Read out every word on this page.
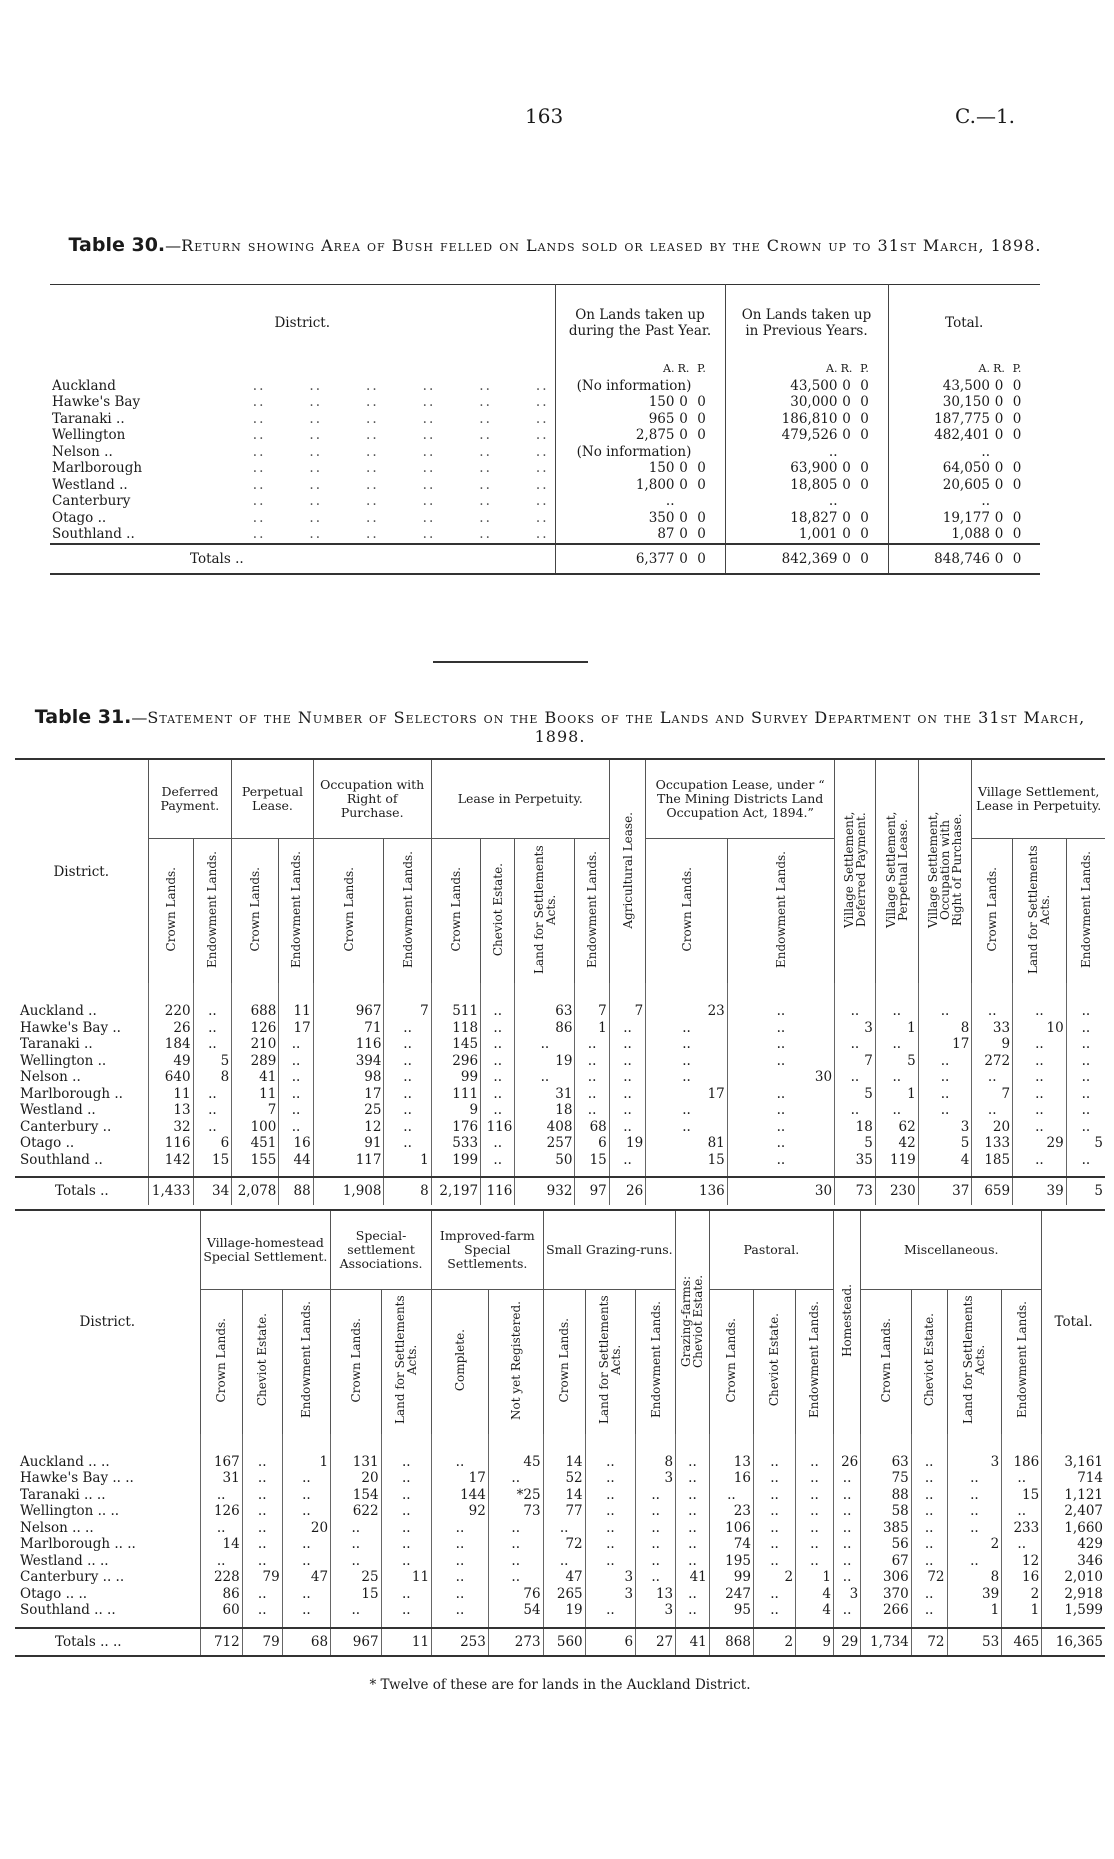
163	C.—1.
Table 30.—Return showing Area of Bush felled on Lands sold or leased by the Crown up to 31st March, 1898.
District.	On Lands taken up during the Past Year.	On Lands taken up in Previous Years.	Total.

	A. R. P.	A. R. P.	A. R. P.

Auckland ..       ..       ..       ..       ..       ..	(No information)	43,500 0 0	43,500 0 0

Hawke's Bay ..       ..       ..       ..       ..       ..	150 0 0	30,000 0 0	30,150 0 0

Taranaki .. ..       ..       ..       ..       ..       ..	965 0 0	186,810 0 0	187,775 0 0

Wellington ..       ..       ..       ..       ..       ..	2,875 0 0	479,526 0 0	482,401 0 0

Nelson .. ..       ..       ..       ..       ..       ..	(No information)	..	..

Marlborough ..       ..       ..       ..       ..       ..	150 0 0	63,900 0 0	64,050 0 0

Westland .. ..       ..       ..       ..       ..       ..	1,800 0 0	18,805 0 0	20,605 0 0

Canterbury ..       ..       ..       ..       ..       ..	..	..	..

Otago .. ..       ..       ..       ..       ..       ..	350 0 0	18,827 0 0	19,177 0 0

Southland .. ..       ..       ..       ..       ..       ..	87 0 0	1,001 0 0	1,088 0 0

Totals ..	6,377 0 0	842,369 0 0	848,746 0 0
Table 31.—Statement of the Number of Selectors on the Books of the Lands and Survey Department on the 31st March, 1898.
District.	Deferred Payment.		Perpetual Lease.		Occupation with Right of Purchase.		Lease in Perpetuity.				Agricultural Lease.	Occupation Lease, under “ The Mining Districts Land Occupation Act, 1894.”		Village Settlement, Deferred Payment.	Village Settlement, Perpetual Lease.	Village Settlement, Occupation with Right of Purchase.	Village Settlement, Lease in Perpetuity.		
	Crown Lands.	Endowment Lands.	Crown Lands.	Endowment Lands.	Crown Lands.	Endowment Lands.	Crown Lands.	Cheviot Estate.	Land for Settlements Acts.	Endowment Lands.		Crown Lands.	Endowment Lands.				Crown Lands.	Land for Settlements Acts.	Endowment Lands.

Auckland ..	220	..	688	11	967	7	511	..	63	7	7	23	..	..	..	..	..	..	..
Hawke's Bay ..	26	..	126	17	71	..	118	..	86	1	..	..	..	3	1	8	33	10	..
Taranaki ..	184	..	210	..	116	..	145	..	..	..	..	..	..	..	..	17	9	..	..
Wellington ..	49	5	289	..	394	..	296	..	19	..	..	..	..	7	5	..	272	..	..
Nelson ..	640	8	41	..	98	..	99	..	..	..	..	..	30	..	..	..	..	..	..
Marlborough ..	11	..	11	..	17	..	111	..	31	..	..	17	..	5	1	..	7	..	..
Westland ..	13	..	7	..	25	..	9	..	18	..	..	..	..	..	..	..	..	..	..
Canterbury ..	32	..	100	..	12	..	176	116	408	68	..	..	..	18	62	3	20	..	..
Otago ..	116	6	451	16	91	..	533	..	257	6	19	81	..	5	42	5	133	29	5
Southland ..	142	15	155	44	117	1	199	..	50	15	..	15	..	35	119	4	185	..	..

Totals ..	1,433	34	2,078	88	1,908	8	2,197	116	932	97	26	136	30	73	230	37	659	39	5
District.	Village-homestead Special Settlement.			Special-settlement Associations.		Improved-farm Special Settlements.		Small Grazing-runs.			Grazing-farms: Cheviot Estate.	Pastoral.			Homestead.	Miscellaneous.				Total.
	Crown Lands.	Cheviot Estate.	Endowment Lands.	Crown Lands.	Land for Settlements Acts.	Complete.	Not yet Registered.	Crown Lands.	Land for Settlements Acts.	Endowment Lands.		Crown Lands.	Cheviot Estate.	Endowment Lands.		Crown Lands.	Cheviot Estate.	Land for Settlements Acts.	Endowment Lands.	

Auckland .. ..	167	..	1	131	..	..	45	14	..	8	..	13	..	..	26	63	..	3	186	3,161
Hawke's Bay .. ..	31	..	..	20	..	17	..	52	..	3	..	16	..	..	..	75	..	..	..	714
Taranaki .. ..	..	..	..	154	..	144	*25	14	..	..	..	..	..	..	..	88	..	..	15	1,121
Wellington .. ..	126	..	..	622	..	92	73	77	..	..	..	23	..	..	..	58	..	..	..	2,407
Nelson .. ..	..	..	20	..	..	..	..	..	..	..	..	106	..	..	..	385	..	..	233	1,660
Marlborough .. ..	14	..	..	..	..	..	..	72	..	..	..	74	..	..	..	56	..	2	..	429
Westland .. ..	..	..	..	..	..	..	..	..	..	..	..	195	..	..	..	67	..	..	12	346
Canterbury .. ..	228	79	47	25	11	..	..	47	3	..	41	99	2	1	..	306	72	8	16	2,010
Otago .. ..	86	..	..	15	..	..	76	265	3	13	..	247	..	4	3	370	..	39	2	2,918
Southland .. ..	60	..	..	..	..	..	54	19	..	3	..	95	..	4	..	266	..	1	1	1,599

Totals .. ..	712	79	68	967	11	253	273	560	6	27	41	868	2	9	29	1,734	72	53	465	16,365
* Twelve of these are for lands in the Auckland District.
